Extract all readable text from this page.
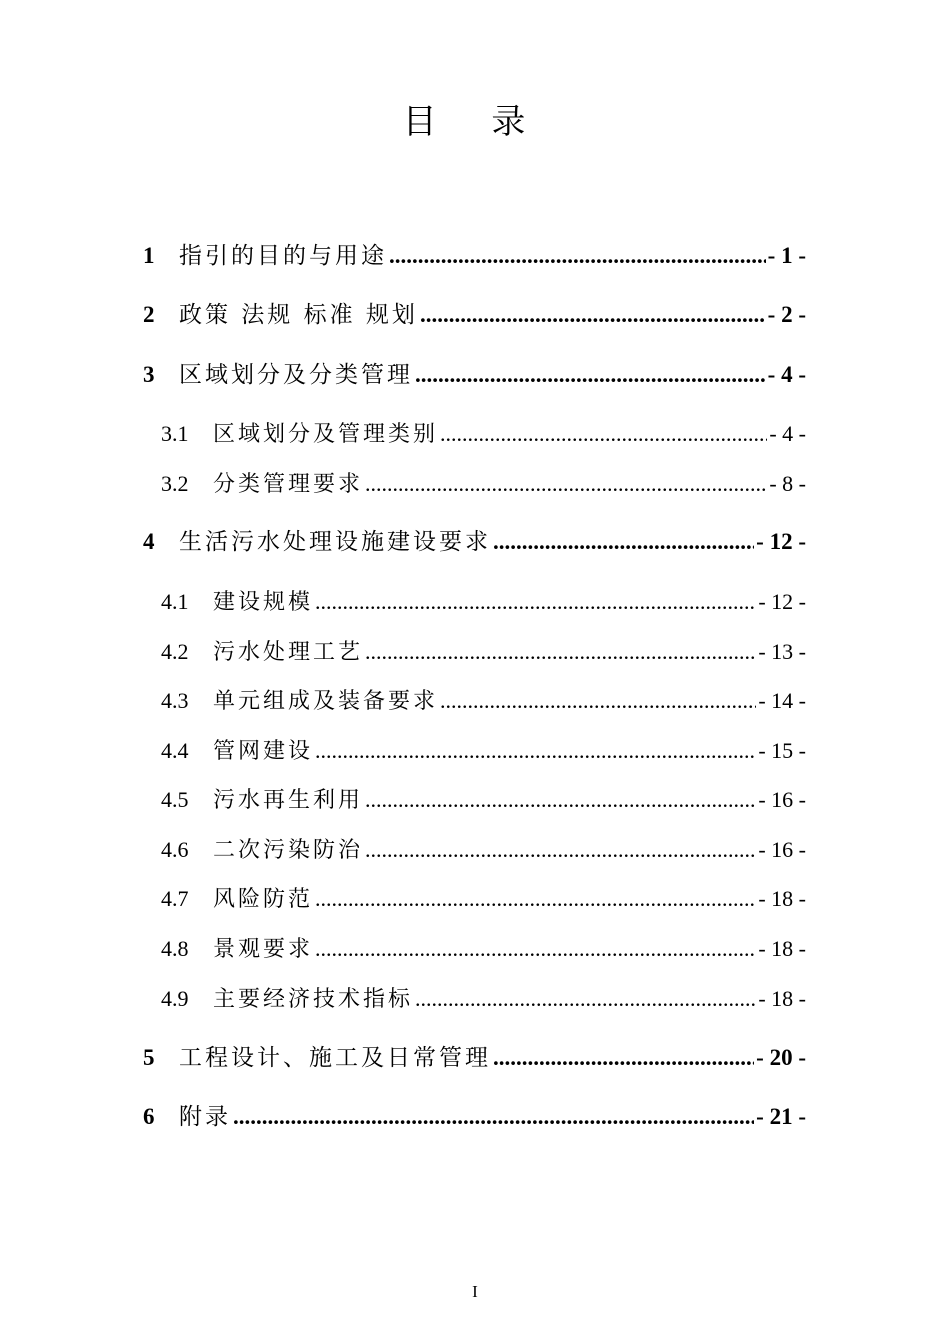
目 录
1	指引的目的与用途 .....	- 1 -
2	政策 法规 标准 规划 .....	- 2 -
3	区域划分及分类管理 .....	- 4 -
3.1	区域划分及管理类别 .....	- 4 -
3.2	分类管理要求 .....	- 8 -
4	生活污水处理设施建设要求 .....	- 12 -
4.1	建设规模 .....	- 12 -
4.2	污水处理工艺 .....	- 13 -
4.3	单元组成及装备要求 .....	- 14 -
4.4	管网建设 .....	- 15 -
4.5	污水再生利用 .....	- 16 -
4.6	二次污染防治 .....	- 16 -
4.7	风险防范 .....	- 18 -
4.8	景观要求 .....	- 18 -
4.9	主要经济技术指标 .....	- 18 -
5	工程设计、施工及日常管理 .....	- 20 -
6	附录 .....	- 21 -
I
